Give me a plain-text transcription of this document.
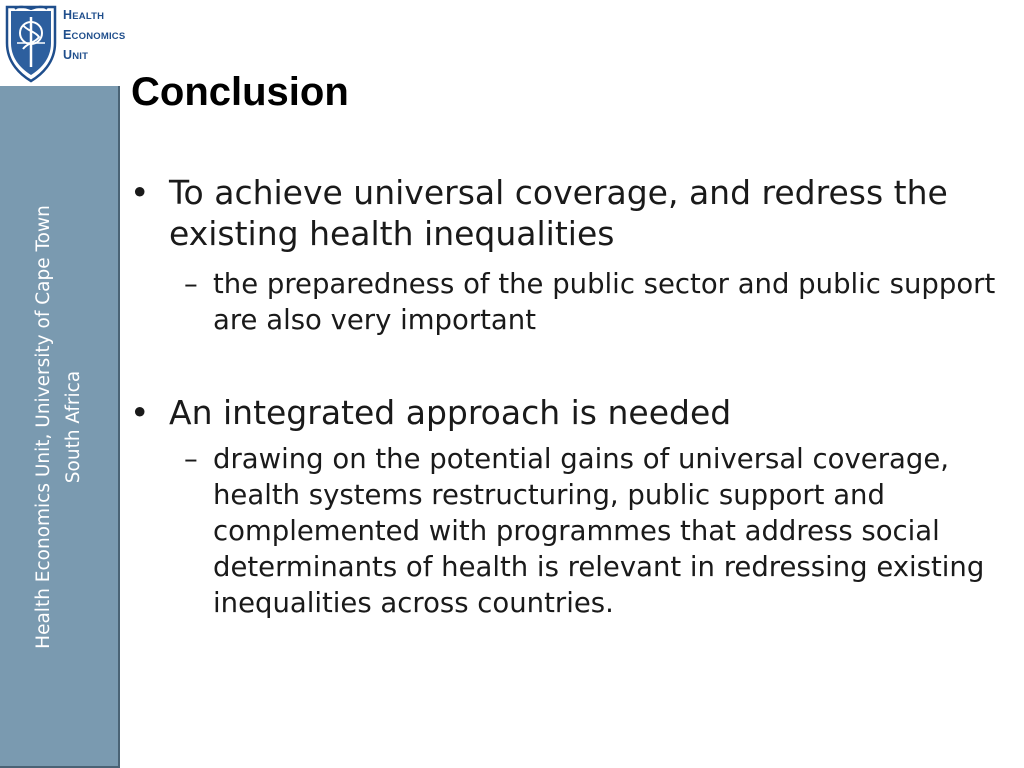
HEALTH
ECONOMICS
UNIT
Health Economics Unit, University of Cape Town South Africa
Conclusion
• To achieve universal coverage, and redress the existing health inequalities
– the preparedness of the public sector and public support are also very important
• An integrated approach is needed
– drawing on the potential gains of universal coverage, health systems restructuring, public support and complemented with programmes that address social determinants of health is relevant in redressing existing inequalities across countries.
